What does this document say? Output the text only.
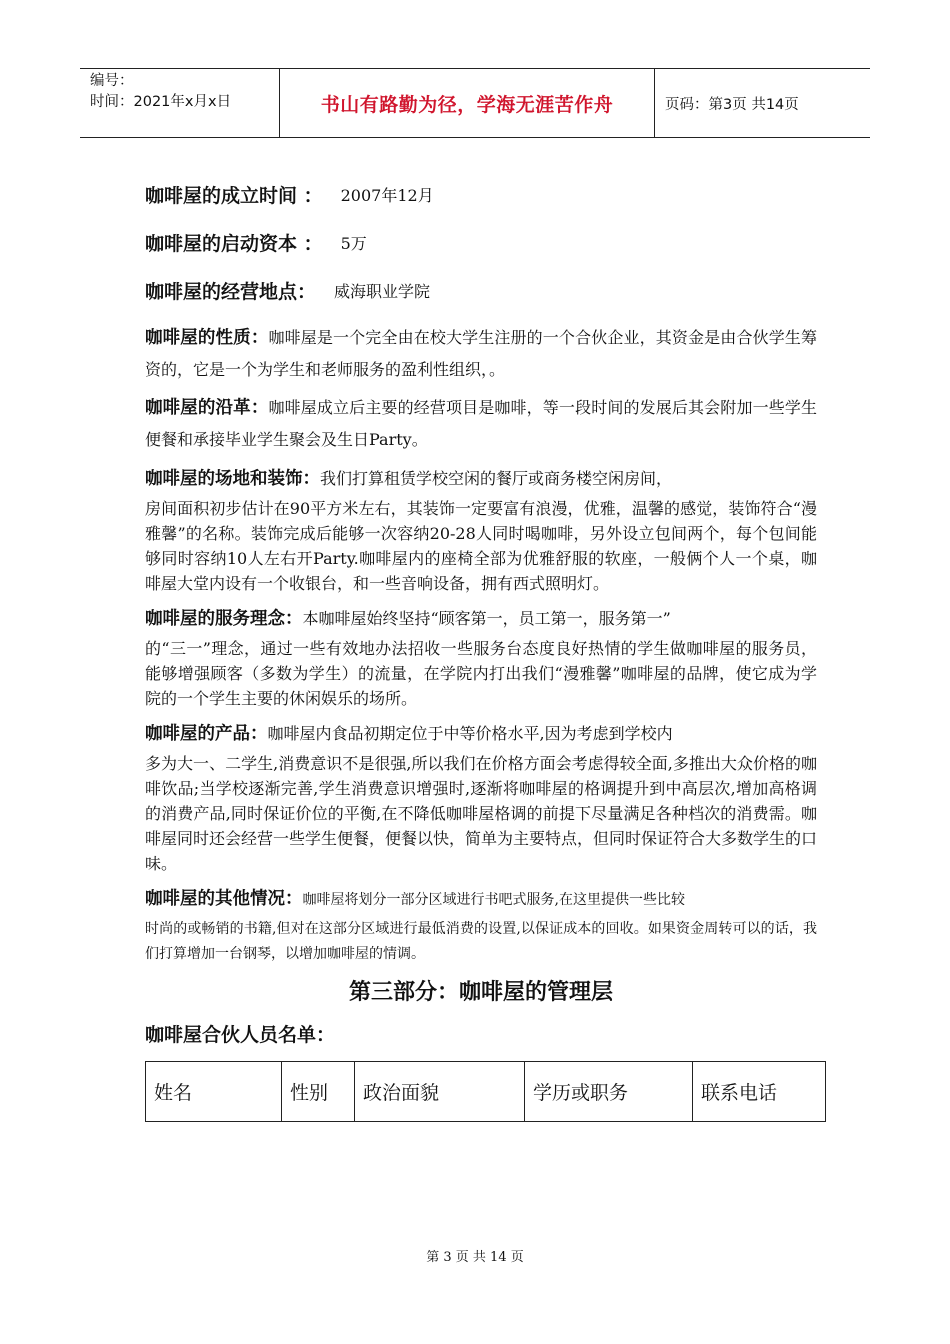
编号：
时间：2021年x月x日	书山有路勤为径，学海无涯苦作舟	页码：第3页 共14页
咖啡屋的成立时间 ： 2007年12月
咖啡屋的启动资本 ： 5万
咖啡屋的经营地点： 威海职业学院

咖啡屋的性质：咖啡屋是一个完全由在校大学生注册的一个合伙企业，其资金是由合伙学生筹资的，它是一个为学生和老师服务的盈利性组织，。

咖啡屋的沿革：咖啡屋成立后主要的经营项目是咖啡，等一段时间的发展后其会附加一些学生便餐和承接毕业学生聚会及生日Party。

咖啡屋的场地和装饰：我们打算租赁学校空闲的餐厅或商务楼空闲房间，
房间面积初步估计在90平方米左右，其装饰一定要富有浪漫，优雅，温馨的感觉，装饰符合“漫雅馨”的名称。装饰完成后能够一次容纳20-28人同时喝咖啡，另外设立包间两个，每个包间能够同时容纳10人左右开Party.咖啡屋内的座椅全部为优雅舒服的软座，一般俩个人一个桌，咖啡屋大堂内设有一个收银台，和一些音响设备，拥有西式照明灯。

咖啡屋的服务理念：本咖啡屋始终坚持“顾客第一，员工第一，服务第一”
的“三一”理念，通过一些有效地办法招收一些服务台态度良好热情的学生做咖啡屋的服务员，能够增强顾客（多数为学生）的流量，在学院内打出我们“漫雅馨”咖啡屋的品牌，使它成为学院的一个学生主要的休闲娱乐的场所。

咖啡屋的产品：咖啡屋内食品初期定位于中等价格水平,因为考虑到学校内
多为大一、二学生,消费意识不是很强,所以我们在价格方面会考虑得较全面,多推出大众价格的咖啡饮品;当学校逐渐完善,学生消费意识增强时,逐渐将咖啡屋的格调提升到中高层次,增加高格调的消费产品,同时保证价位的平衡,在不降低咖啡屋格调的前提下尽量满足各种档次的消费需。咖啡屋同时还会经营一些学生便餐，便餐以快，简单为主要特点，但同时保证符合大多数学生的口味。

咖啡屋的其他情况：咖啡屋将划分一部分区域进行书吧式服务,在这里提供一些比较
时尚的或畅销的书籍,但对在这部分区域进行最低消费的设置,以保证成本的回收。如果资金周转可以的话，我们打算增加一台钢琴，以增加咖啡屋的情调。

第三部分：咖啡屋的管理层
咖啡屋合伙人员名单：
姓名	性别	政治面貌	学历或职务	联系电话
第 3 页 共 14 页
